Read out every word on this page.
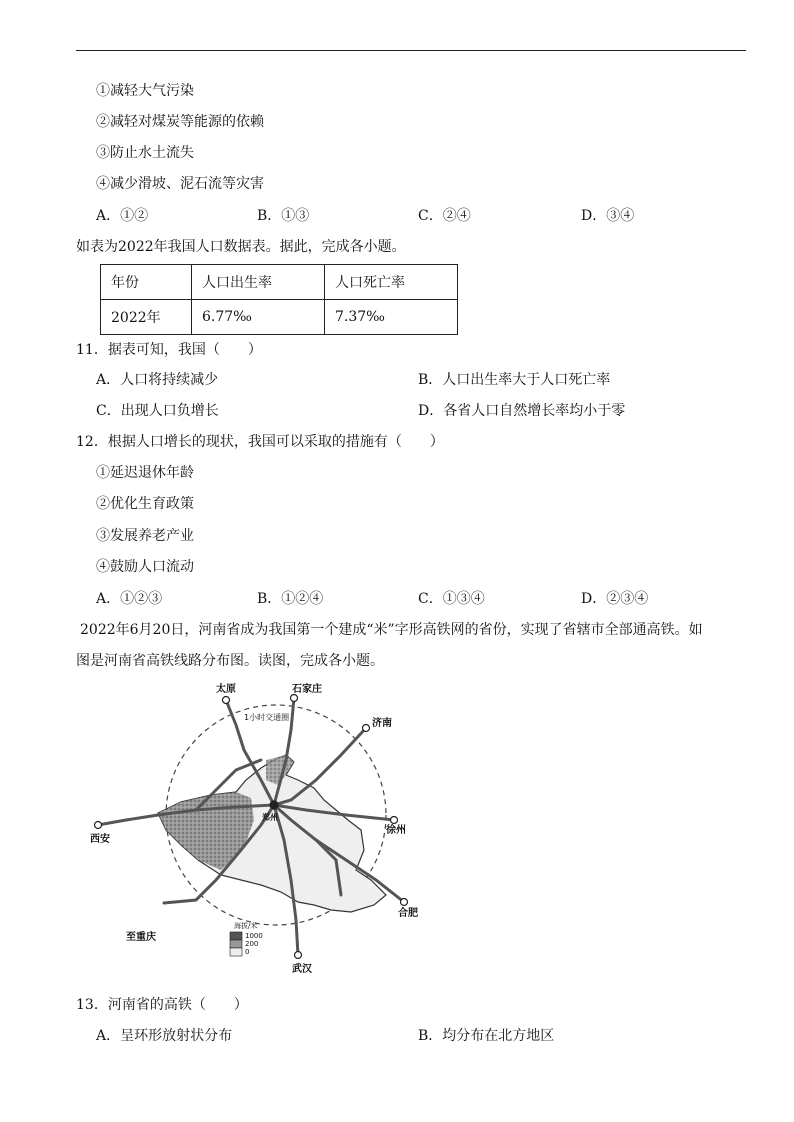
①减轻大气污染
②减轻对煤炭等能源的依赖
③防止水土流失
④减少滑坡、泥石流等灾害
A．①②	B．①③	C．②④	D．③④
如表为2022年我国人口数据表。据此，完成各小题。
年份	人口出生率	人口死亡率
2022年	6.77‰	7.37‰
11．据表可知，我国（　　）
A．人口将持续减少	B．人口出生率大于人口死亡率
C．出现人口负增长	D．各省人口自然增长率均小于零
12．根据人口增长的现状，我国可以采取的措施有（　　）
①延迟退休年龄
②优化生育政策
③发展养老产业
④鼓励人口流动
A．①②③	B．①②④	C．①③④	D．②③④
2022年6月20日，河南省成为我国第一个建成“米”字形高铁网的省份，实现了省辖市全部通高铁。如
图是河南省高铁线路分布图。读图，完成各小题。
太原	石家庄
济南
徐州
合肥
武汉
西安
至重庆
郑州
1小时交通圈
海拔/米
1000
200
0
13．河南省的高铁（　　）
A．呈环形放射状分布	B．均分布在北方地区
